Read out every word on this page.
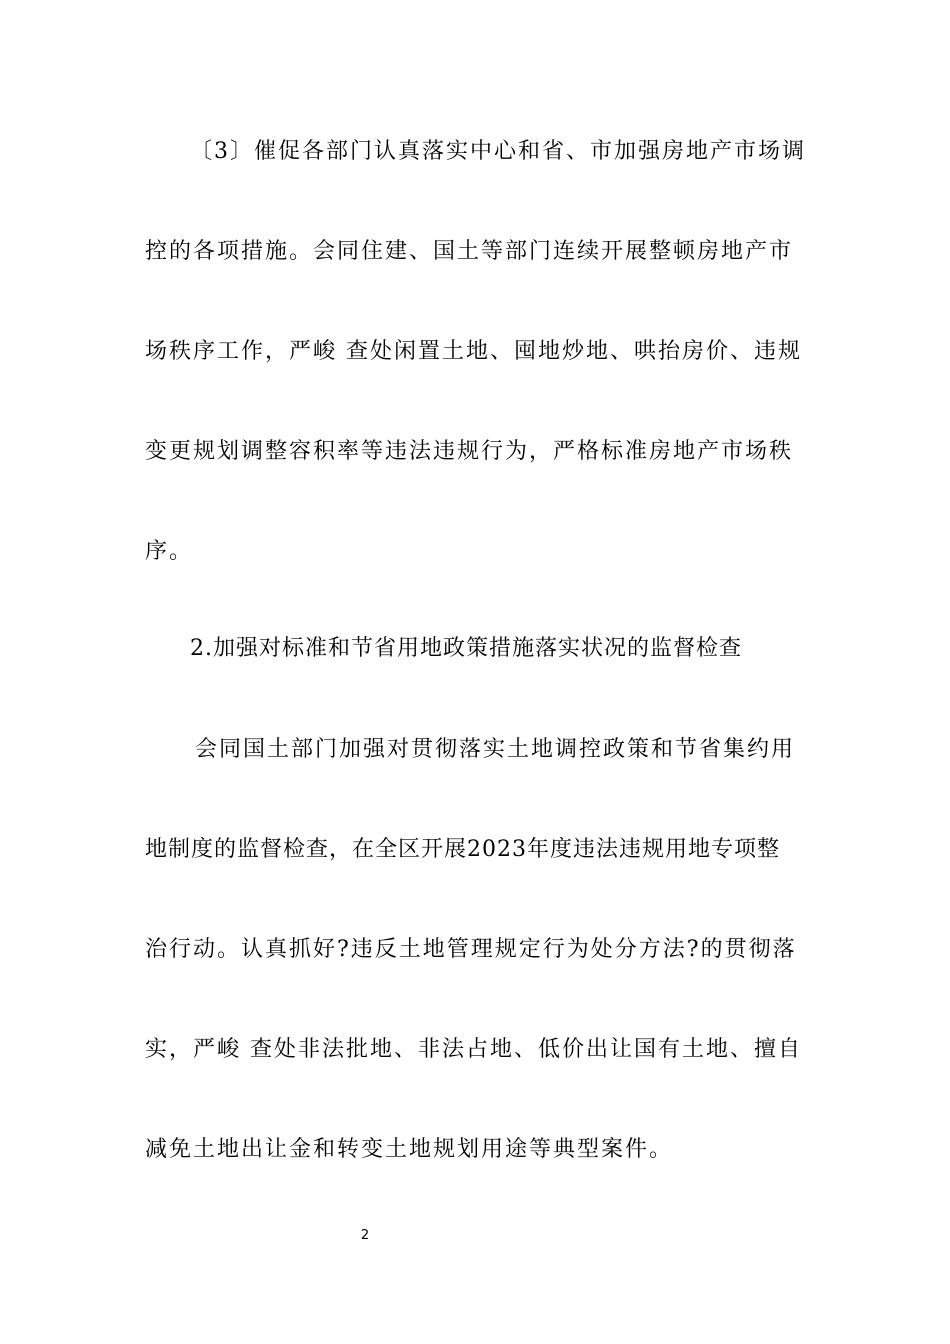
〔3〕催促各部门认真落实中心和省、市加强房地产市场调

控的各项措施。会同住建、国土等部门连续开展整顿房地产市

场秩序工作，严峻 查处闲置土地、囤地炒地、哄抬房价、违规

变更规划调整容积率等违法违规行为，严格标准房地产市场秩

序。

2.加强对标准和节省用地政策措施落实状况的监督检查

会同国土部门加强对贯彻落实土地调控政策和节省集约用

地制度的监督检查，在全区开展2023年度违法违规用地专项整

治行动。认真抓好?违反土地管理规定行为处分方法?的贯彻落

实，严峻 查处非法批地、非法占地、低价出让国有土地、擅自

减免土地出让金和转变土地规划用途等典型案件。

2
